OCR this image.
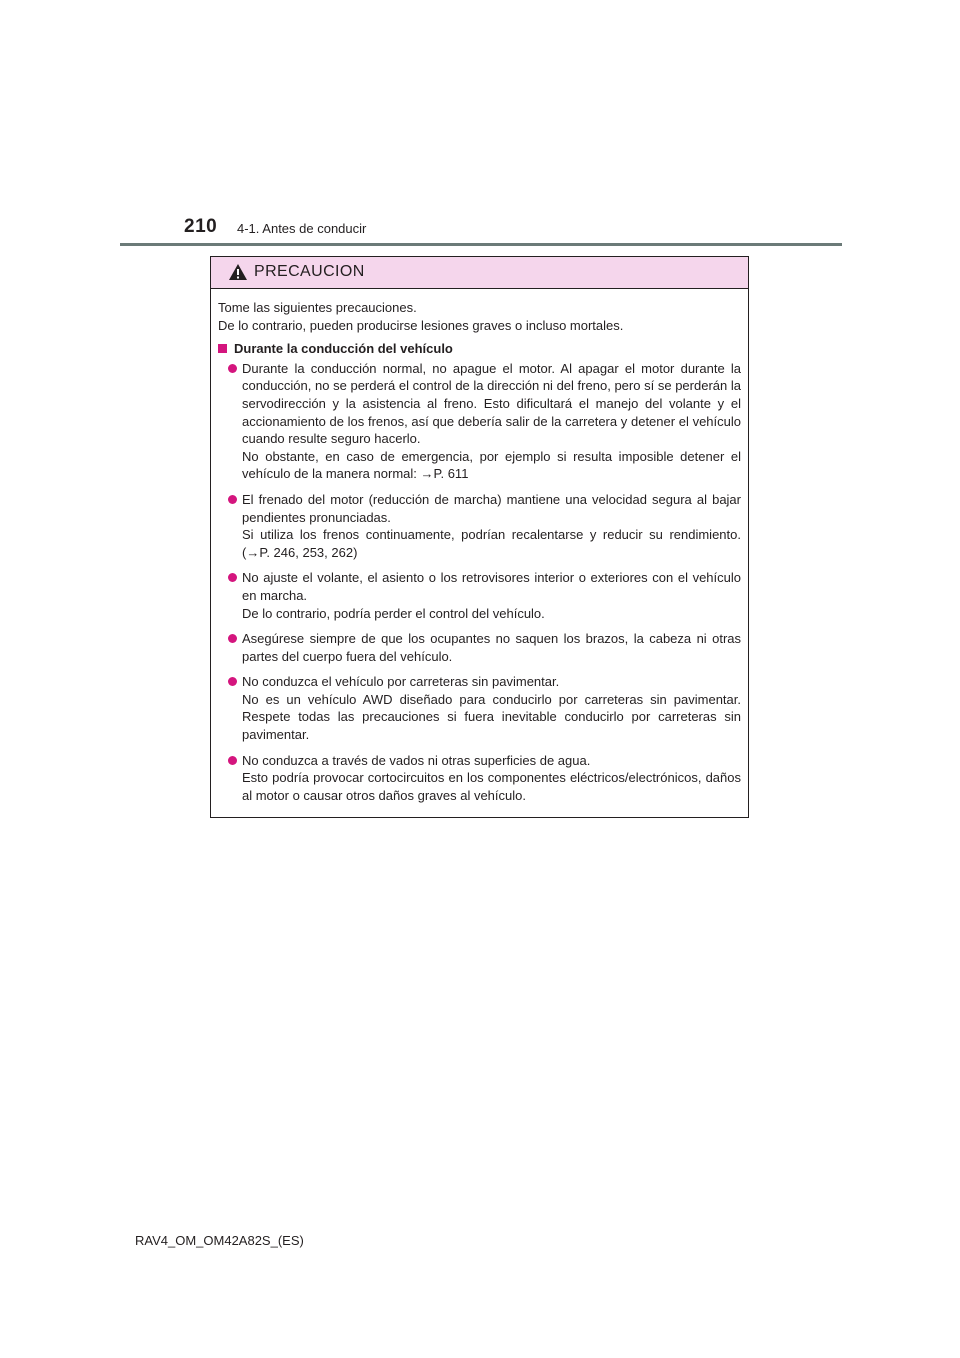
210 4-1. Antes de conducir
PRECAUCION

Tome las siguientes precauciones.

De lo contrario, pueden producirse lesiones graves o incluso mortales.

Durante la conducción del vehículo

Durante la conducción normal, no apague el motor. Al apagar el motor durante la conducción, no se perderá el control de la dirección ni del freno, pero sí se perderán la servodirección y la asistencia al freno. Esto dificultará el manejo del volante y el accionamiento de los frenos, así que debería salir de la carretera y detener el vehículo cuando resulte seguro hacerlo.

No obstante, en caso de emergencia, por ejemplo si resulta imposible detener el vehículo de la manera normal: →P. 611

El frenado del motor (reducción de marcha) mantiene una velocidad segura al bajar pendientes pronunciadas.

Si utiliza los frenos continuamente, podrían recalentarse y reducir su rendimiento. (→P. 246, 253, 262)

No ajuste el volante, el asiento o los retrovisores interior o exteriores con el vehículo en marcha.

De lo contrario, podría perder el control del vehículo.

Asegúrese siempre de que los ocupantes no saquen los brazos, la cabeza ni otras partes del cuerpo fuera del vehículo.

No conduzca el vehículo por carreteras sin pavimentar.

No es un vehículo AWD diseñado para conducirlo por carreteras sin pavimentar. Respete todas las precauciones si fuera inevitable conducirlo por carreteras sin pavimentar.

No conduzca a través de vados ni otras superficies de agua.

Esto podría provocar cortocircuitos en los componentes eléctricos/electrónicos, daños al motor o causar otros daños graves al vehículo.

RAV4_OM_OM42A82S_(ES)
